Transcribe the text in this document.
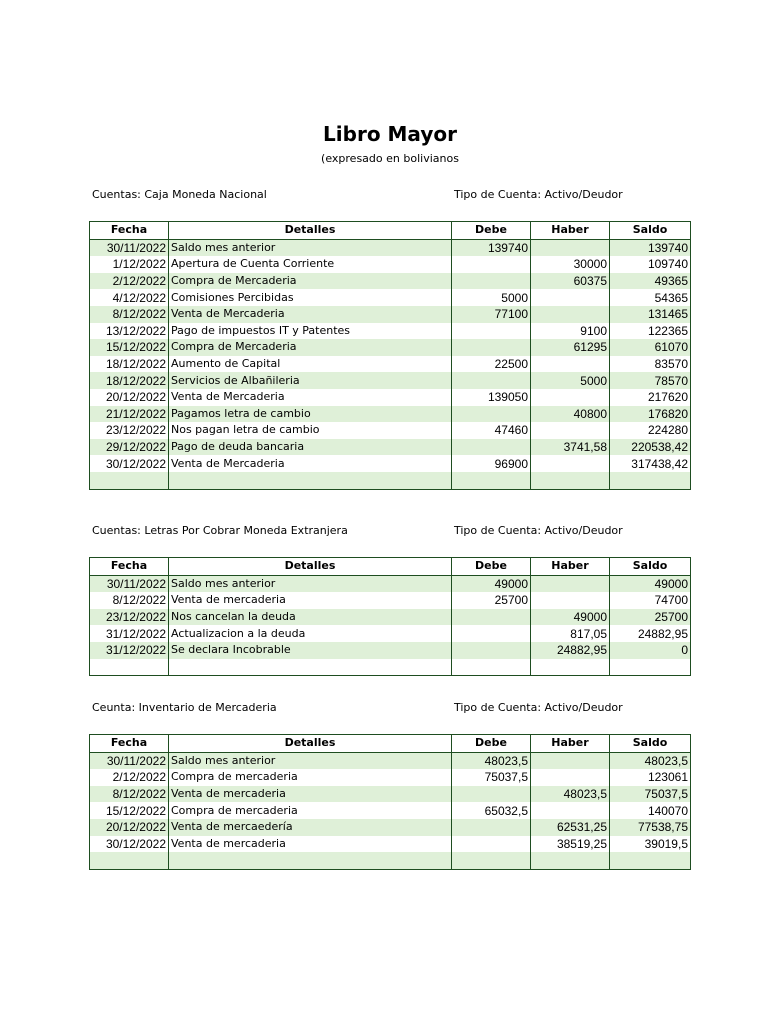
Libro Mayor
(expresado en bolivianos
Cuentas: Caja Moneda Nacional	Tipo de Cuenta: Activo/Deudor
Fecha	Detalles	Debe	Haber	Saldo
30/11/2022	Saldo mes anterior	139740		139740
1/12/2022	Apertura de Cuenta Corriente		30000	109740
2/12/2022	Compra de Mercaderia		60375	49365
4/12/2022	Comisiones Percibidas	5000		54365
8/12/2022	Venta de Mercaderia	77100		131465
13/12/2022	Pago de impuestos IT y Patentes		9100	122365
15/12/2022	Compra de Mercaderia		61295	61070
18/12/2022	Aumento de Capital	22500		83570
18/12/2022	Servicios de Albañileria		5000	78570
20/12/2022	Venta de Mercaderia	139050		217620
21/12/2022	Pagamos letra de cambio		40800	176820
23/12/2022	Nos pagan letra de cambio	47460		224280
29/12/2022	Pago de deuda bancaria		3741,58	220538,42
30/12/2022	Venta de Mercaderia	96900		317438,42

Cuentas: Letras Por Cobrar Moneda Extranjera	Tipo de Cuenta: Activo/Deudor
Fecha	Detalles	Debe	Haber	Saldo
30/11/2022	Saldo mes anterior	49000		49000
8/12/2022	Venta de mercaderia	25700		74700
23/12/2022	Nos cancelan la deuda		49000	25700
31/12/2022	Actualizacion a la deuda		817,05	24882,95
31/12/2022	Se declara Incobrable		24882,95	0

Ceunta: Inventario de Mercaderia	Tipo de Cuenta: Activo/Deudor
Fecha	Detalles	Debe	Haber	Saldo
30/11/2022	Saldo mes anterior	48023,5		48023,5
2/12/2022	Compra de mercaderia	75037,5		123061
8/12/2022	Venta de mercaderia		48023,5	75037,5
15/12/2022	Compra de mercaderia	65032,5		140070
20/12/2022	Venta de mercaedería		62531,25	77538,75
30/12/2022	Venta de mercaderia		38519,25	39019,5
